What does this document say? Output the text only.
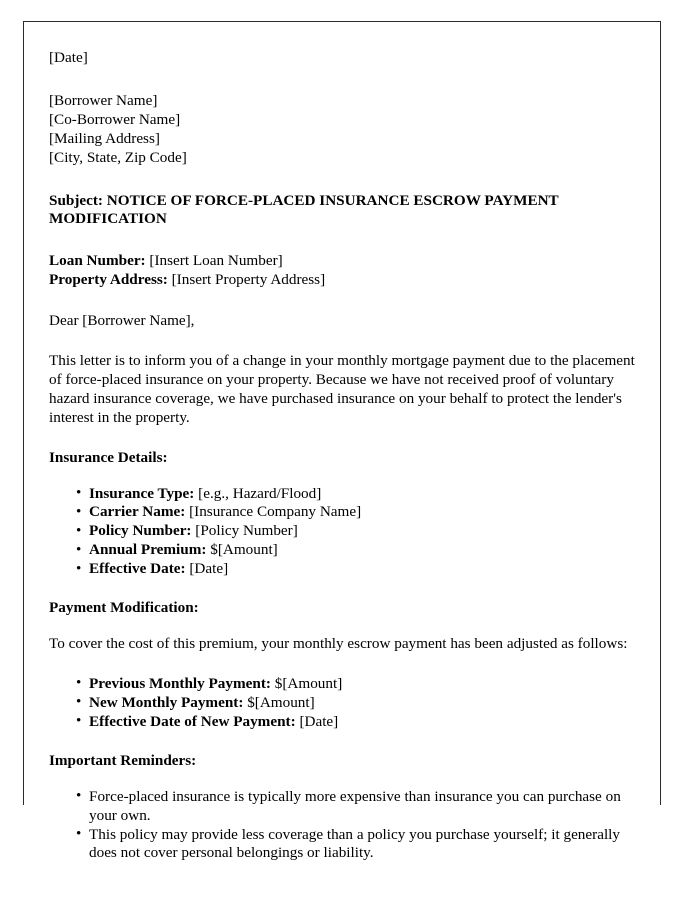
[Date]
[Borrower Name]
[Co-Borrower Name]
[Mailing Address]
[City, State, Zip Code]
Subject: NOTICE OF FORCE-PLACED INSURANCE ESCROW PAYMENT MODIFICATION
Loan Number: [Insert Loan Number]
Property Address: [Insert Property Address]

Dear [Borrower Name],

This letter is to inform you of a change in your monthly mortgage payment due to the placement of force-placed insurance on your property. Because we have not received proof of voluntary hazard insurance coverage, we have purchased insurance on your behalf to protect the lender's interest in the property.

Insurance Details:
• Insurance Type: [e.g., Hazard/Flood]
• Carrier Name: [Insurance Company Name]
• Policy Number: [Policy Number]
• Annual Premium: $[Amount]
• Effective Date: [Date]
Payment Modification:

To cover the cost of this premium, your monthly escrow payment has been adjusted as follows:

• Previous Monthly Payment: $[Amount]
• New Monthly Payment: $[Amount]
• Effective Date of New Payment: [Date]
Important Reminders:
• Force-placed insurance is typically more expensive than insurance you can purchase on your own.
• This policy may provide less coverage than a policy you purchase yourself; it generally does not cover personal belongings or liability.
